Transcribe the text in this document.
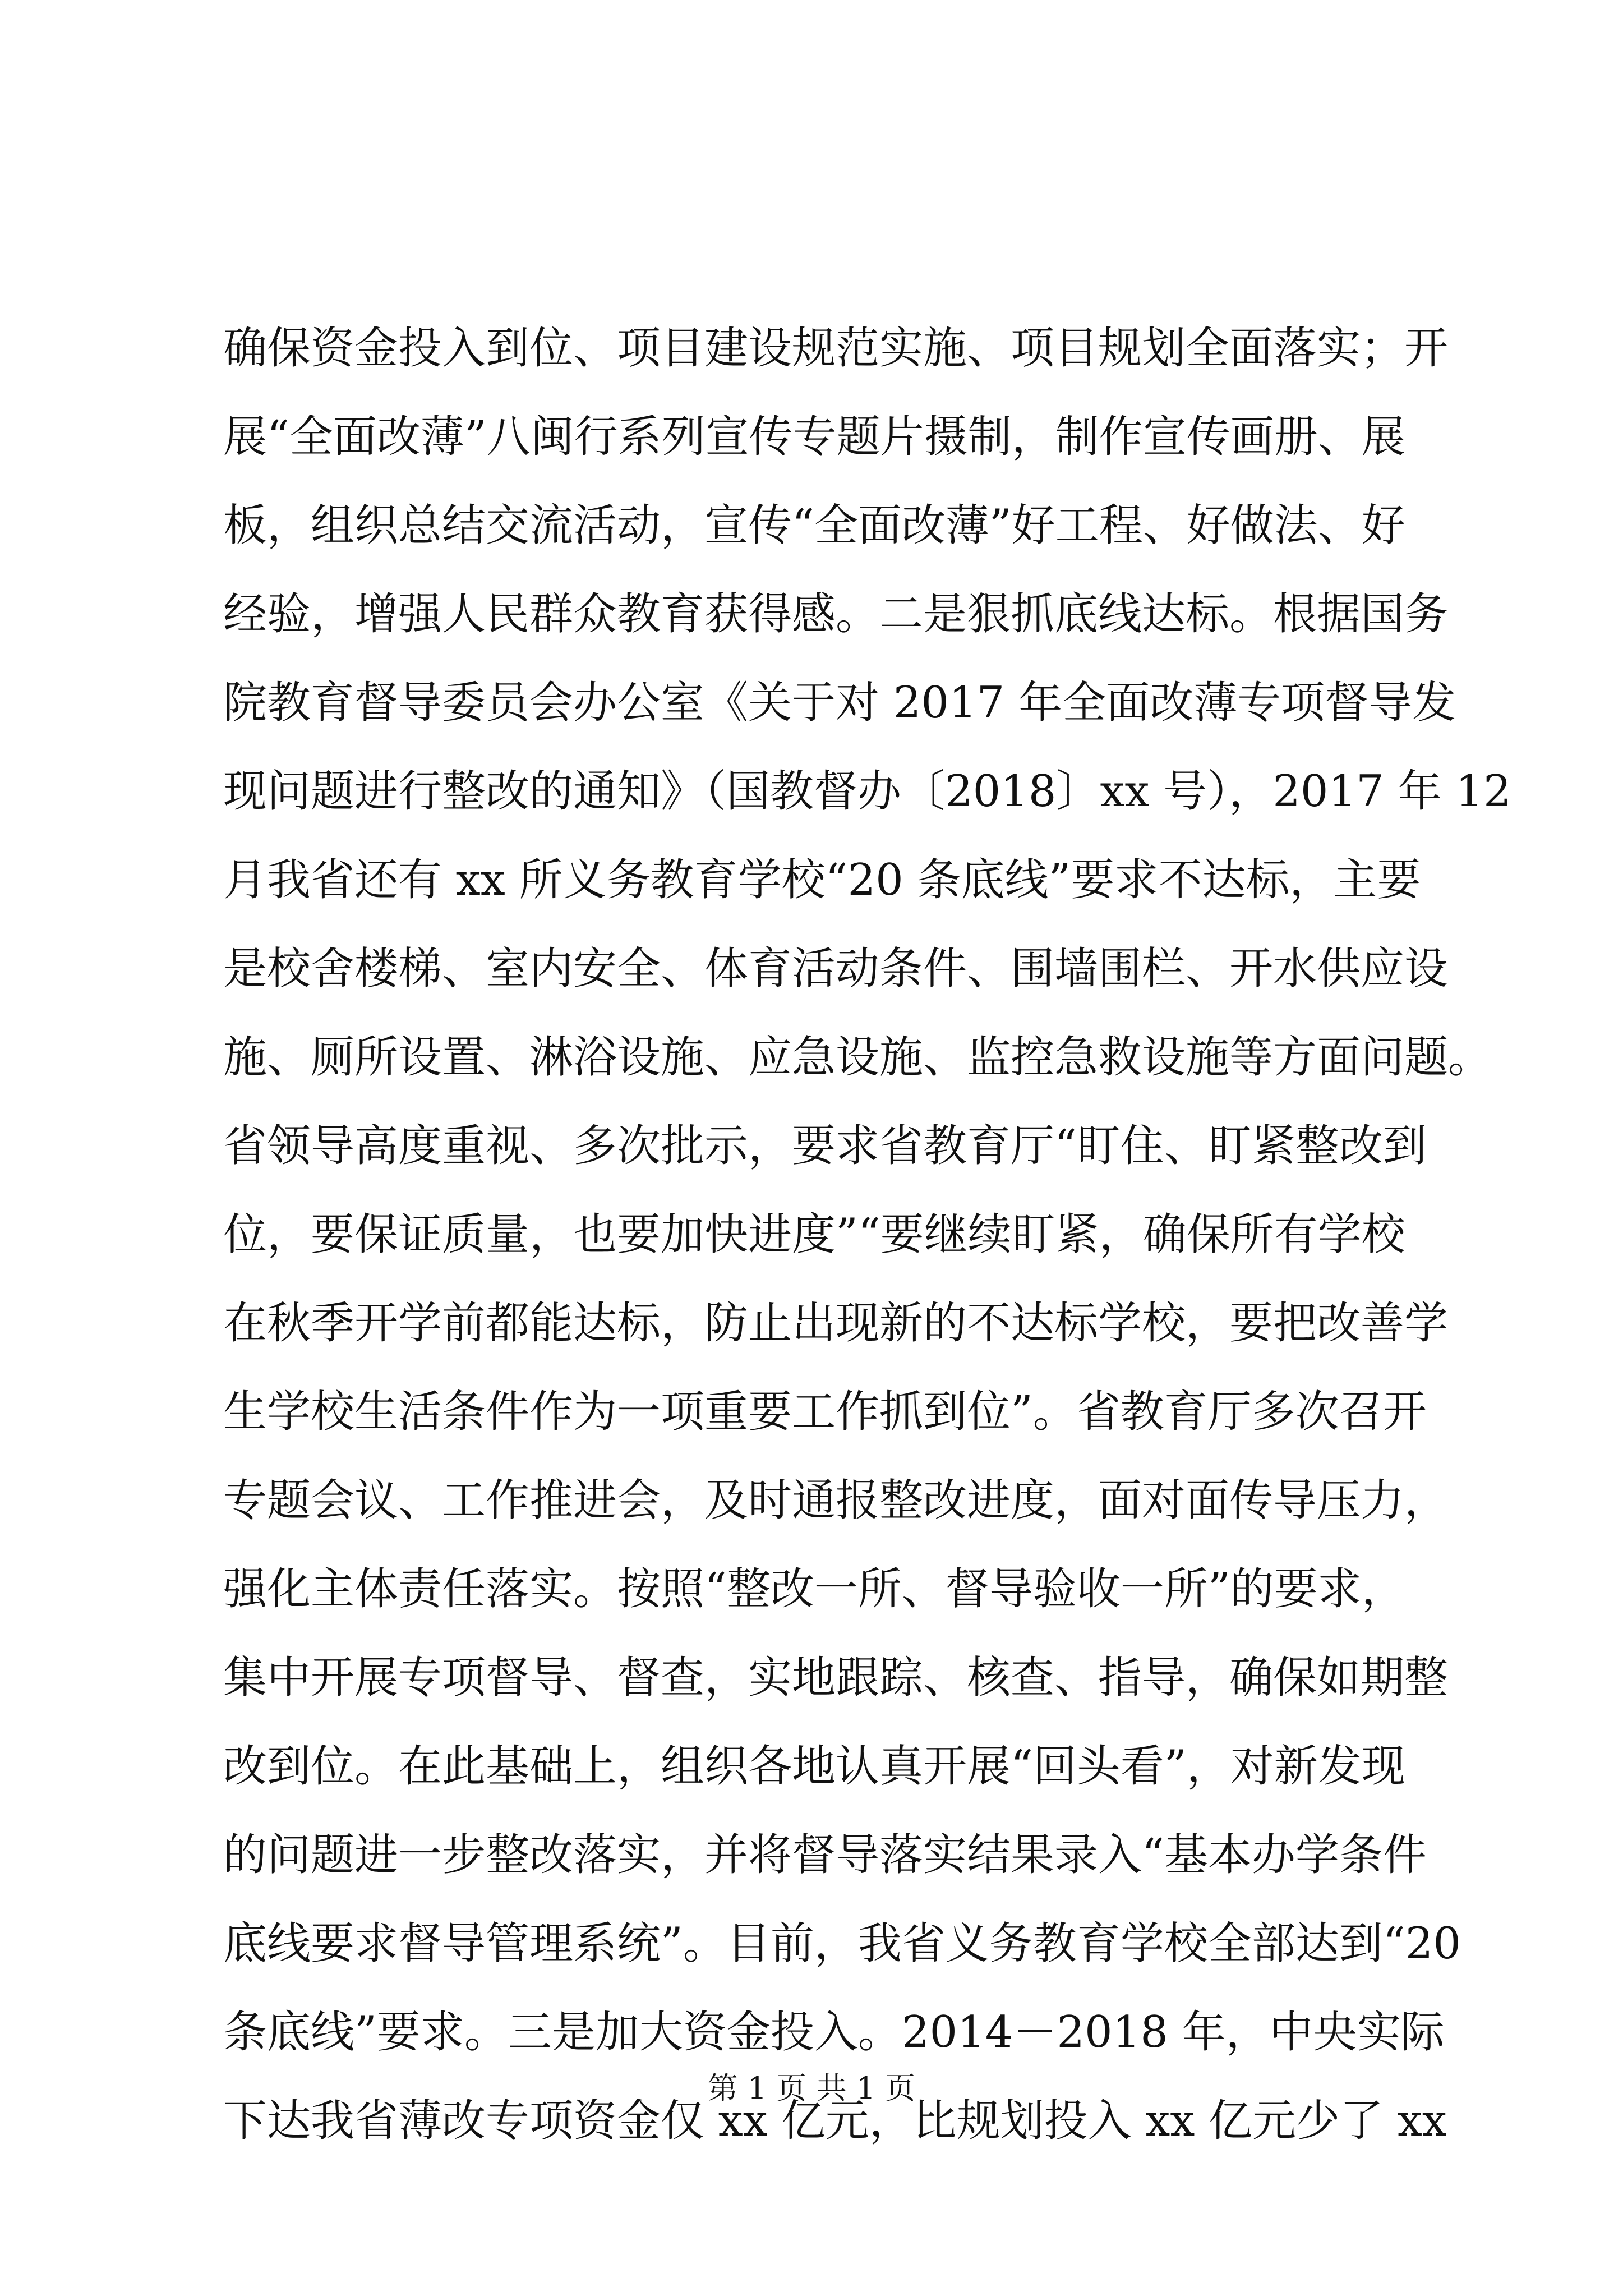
确保资金投入到位、项目建设规范实施、项目规划全面落实；开
展“全面改薄”八闽行系列宣传专题片摄制，制作宣传画册、展
板，组织总结交流活动，宣传“全面改薄”好工程、好做法、好
经验，增强人民群众教育获得感。二是狠抓底线达标。根据国务
院教育督导委员会办公室《关于对 2017 年全面改薄专项督导发
现问题进行整改的通知》（国教督办〔2018〕xx 号），2017 年 12
月我省还有 xx 所义务教育学校“20 条底线”要求不达标，主要
是校舍楼梯、室内安全、体育活动条件、围墙围栏、开水供应设
施、厕所设置、淋浴设施、应急设施、监控急救设施等方面问题。
省领导高度重视、多次批示，要求省教育厅“盯住、盯紧整改到
位，要保证质量，也要加快进度”“要继续盯紧，确保所有学校
在秋季开学前都能达标，防止出现新的不达标学校，要把改善学
生学校生活条件作为一项重要工作抓到位”。省教育厅多次召开
专题会议、工作推进会，及时通报整改进度，面对面传导压力，
强化主体责任落实。按照“整改一所、督导验收一所”的要求，
集中开展专项督导、督查，实地跟踪、核查、指导，确保如期整
改到位。在此基础上，组织各地认真开展“回头看”，对新发现
的问题进一步整改落实，并将督导落实结果录入“基本办学条件
底线要求督导管理系统”。目前，我省义务教育学校全部达到“20
条底线”要求。三是加大资金投入。2014－2018 年，中央实际
下达我省薄改专项资金仅 xx 亿元，比规划投入 xx 亿元少了 xx
第 1 页 共 1 页
